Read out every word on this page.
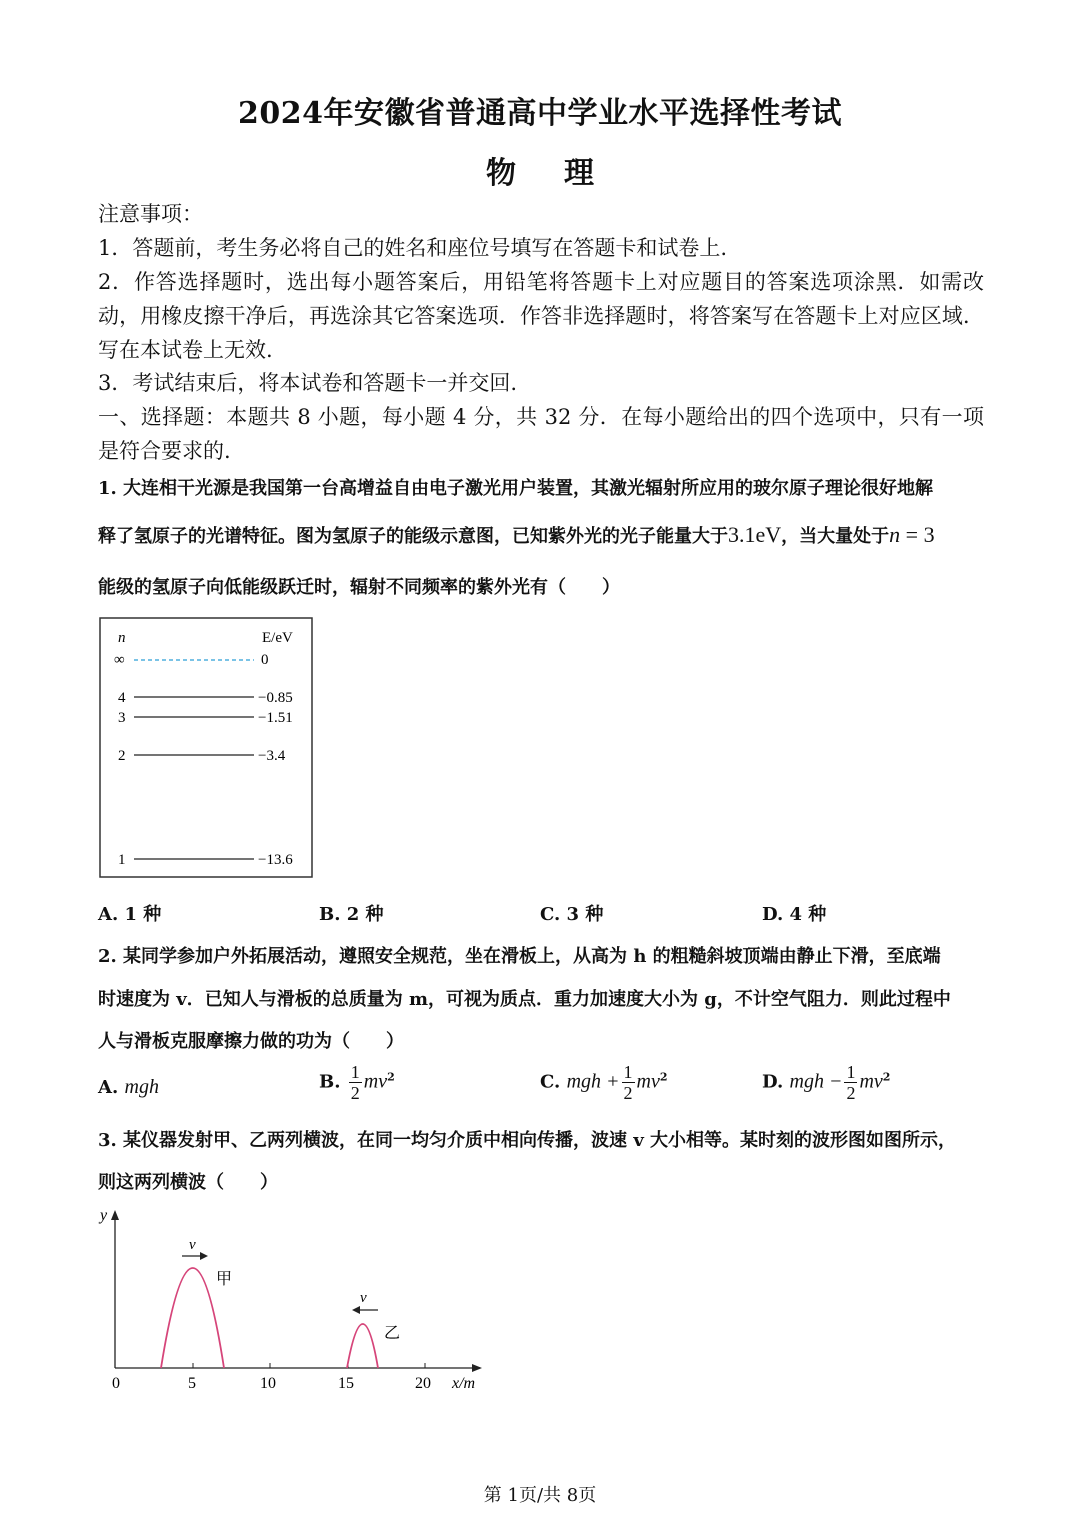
2024年安徽省普通高中学业水平选择性考试
物 理
注意事项：
1．答题前，考生务必将自己的姓名和座位号填写在答题卡和试卷上.
2．作答选择题时，选出每小题答案后，用铅笔将答题卡上对应题目的答案选项涂黑．如需改动，用橡皮擦干净后，再选涂其它答案选项．作答非选择题时，将答案写在答题卡上对应区域．写在本试卷上无效.
3．考试结束后，将本试卷和答题卡一并交回.
一、选择题：本题共 8 小题，每小题 4 分，共 32 分．在每小题给出的四个选项中，只有一项是符合要求的.
1. 大连相干光源是我国第一台高增益自由电子激光用户装置，其激光辐射所应用的玻尔原子理论很好地解
释了氢原子的光谱特征。图为氢原子的能级示意图，已知紫外光的光子能量大于3.1eV，当大量处于n = 3
能级的氢原子向低能级跃迁时，辐射不同频率的紫外光有（　　）
n	E/eV
∞	0
4	−0.85
3	−1.51
2	−3.4
1	−13.6
A. 1 种	B. 2 种	C. 3 种	D. 4 种
2. 某同学参加户外拓展活动，遵照安全规范，坐在滑板上，从高为 h 的粗糙斜坡顶端由静止下滑，至底端
时速度为 v．已知人与滑板的总质量为 m，可视为质点．重力加速度大小为 g，不计空气阻力．则此过程中
人与滑板克服摩擦力做的功为（　　）
A. mgh	B. $\frac{1}{2} mv^2$	C. mgh + $\frac{1}{2} mv^2$	D. mgh − $\frac{1}{2} mv^2$
3. 某仪器发射甲、乙两列横波，在同一均匀介质中相向传播，波速 v 大小相等。某时刻的波形图如图所示，
则这两列横波（　　）
y
x/m
0	5	10	15	20
v
甲
v
乙
第 1页/共 8页
